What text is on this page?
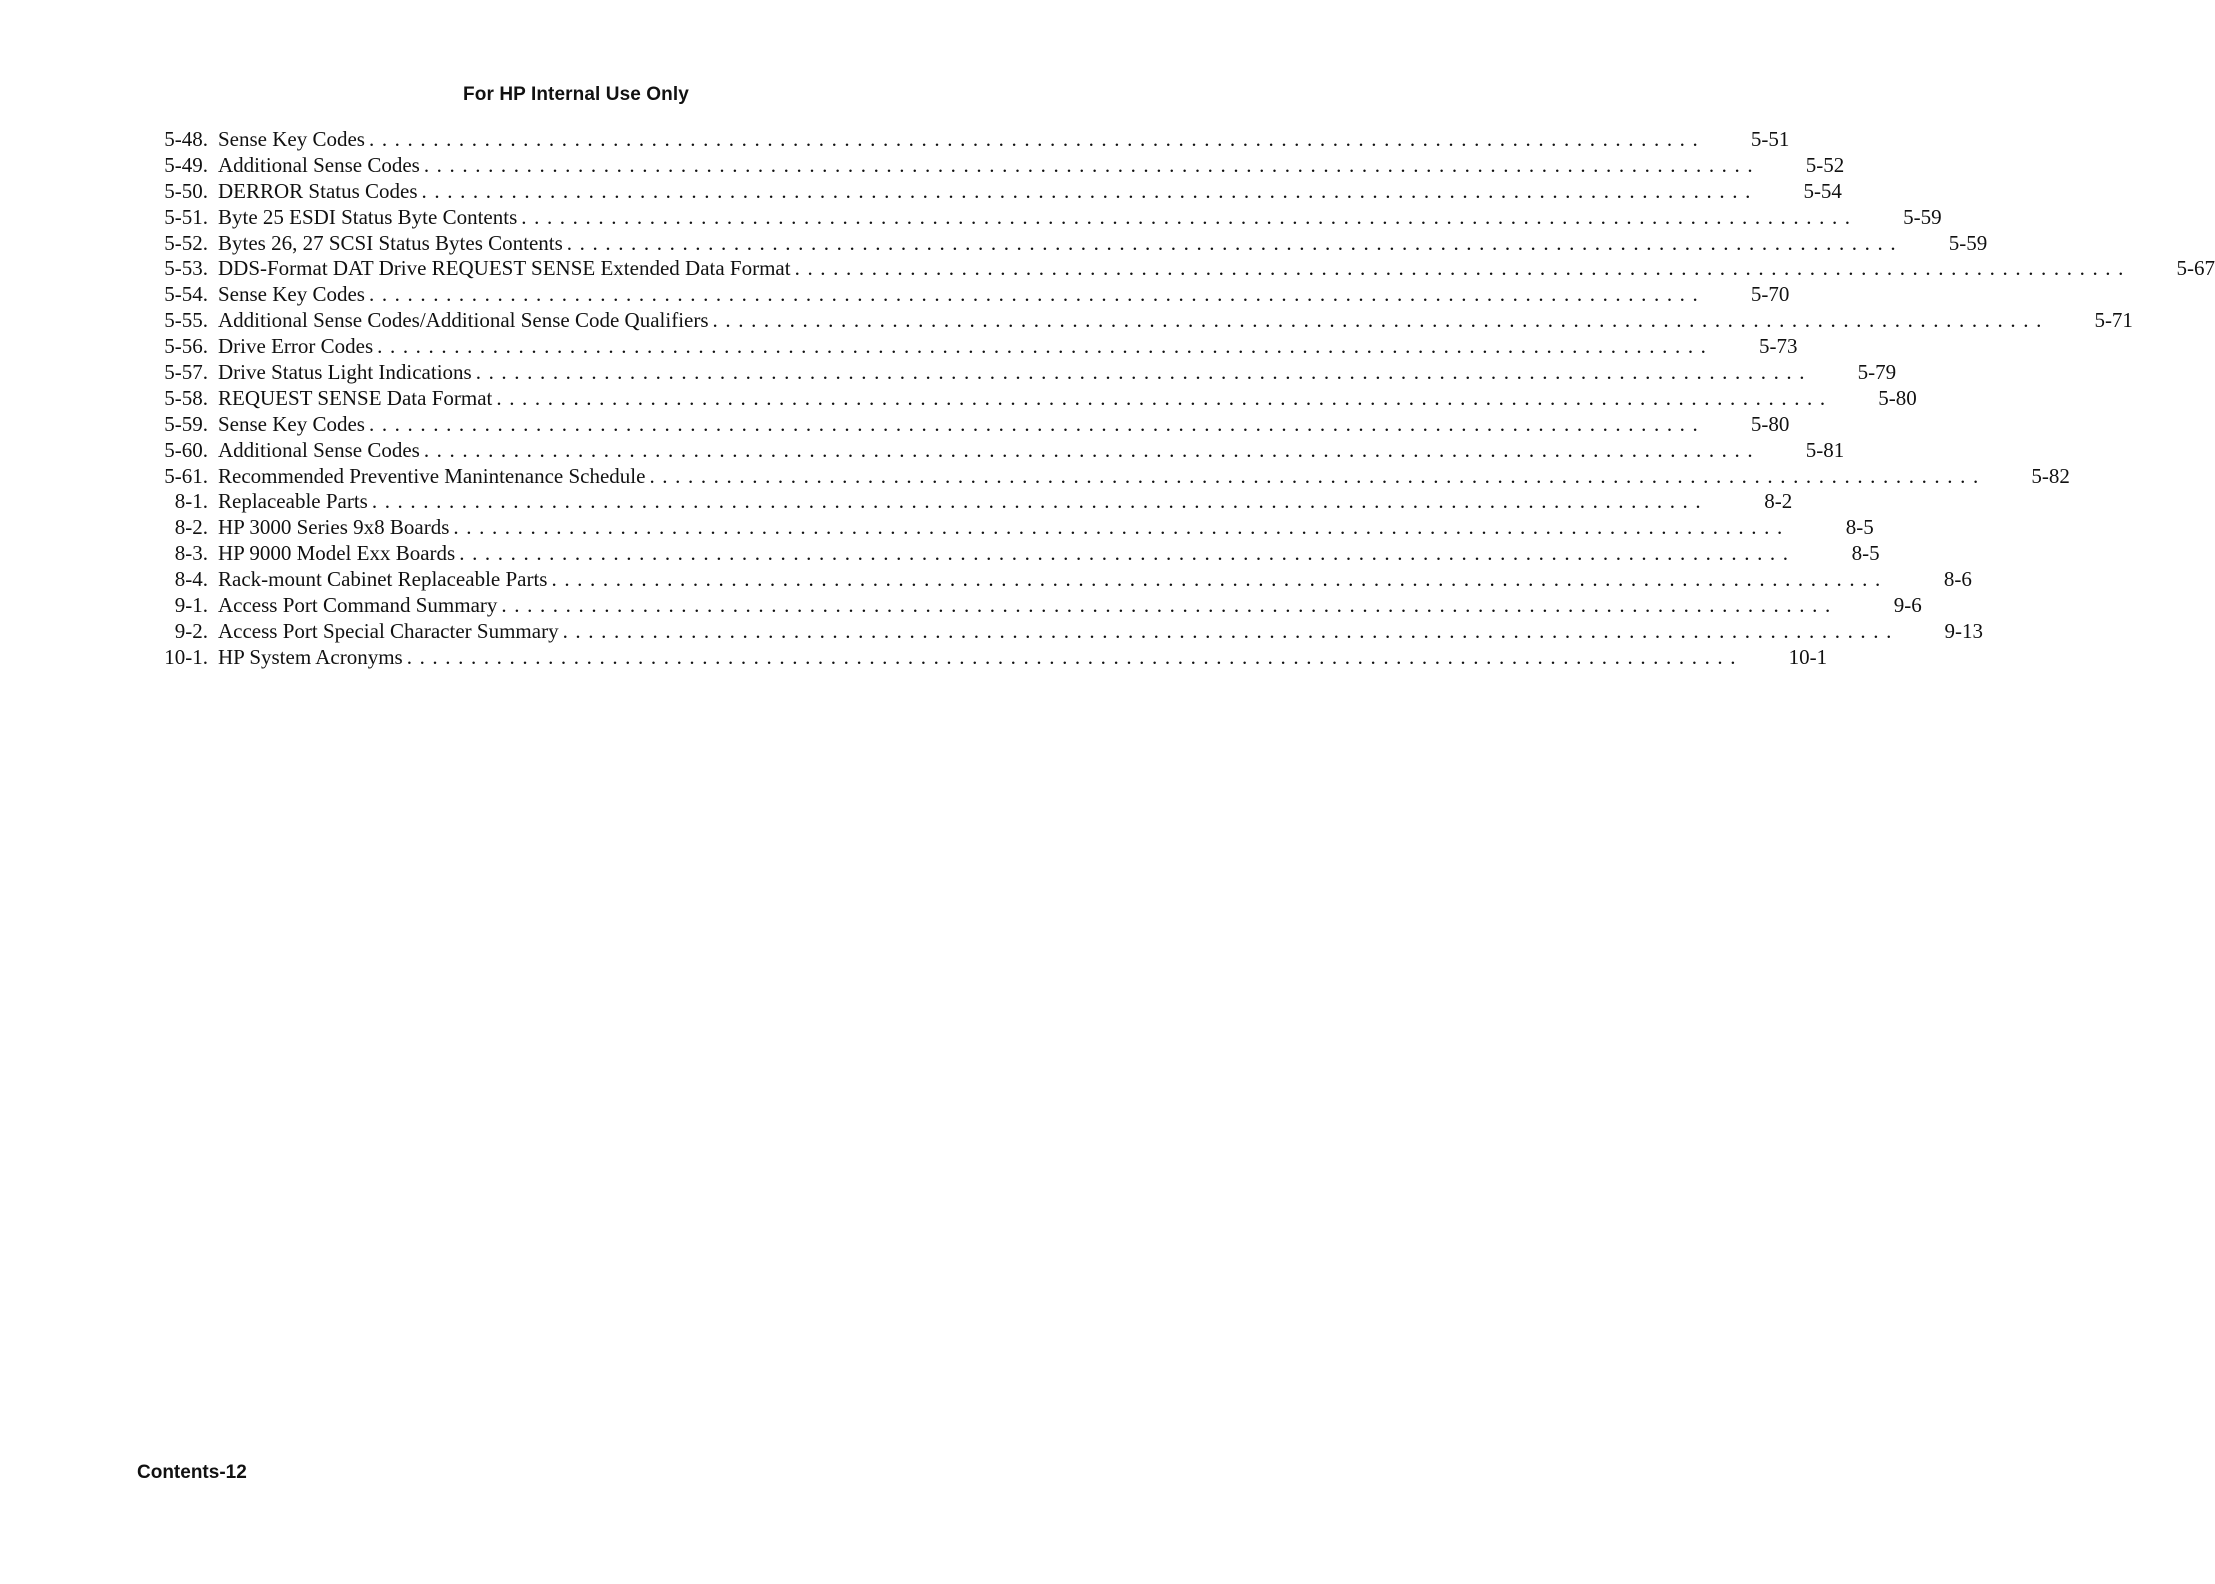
For HP Internal Use Only
5-48. Sense Key Codes ........................................................................................................	5-51
5-49. Additional Sense Codes ........................................................................................................	5-52
5-50. DERROR Status Codes ........................................................................................................	5-54
5-51. Byte 25 ESDI Status Byte Contents ........................................................................................................	5-59
5-52. Bytes 26, 27 SCSI Status Bytes Contents ........................................................................................................	5-59
5-53. DDS-Format DAT Drive REQUEST SENSE Extended Data Format ........................................................................................................	5-67
5-54. Sense Key Codes ........................................................................................................	5-70
5-55. Additional Sense Codes/Additional Sense Code Qualifiers ........................................................................................................	5-71
5-56. Drive Error Codes ........................................................................................................	5-73
5-57. Drive Status Light Indications ........................................................................................................	5-79
5-58. REQUEST SENSE Data Format ........................................................................................................	5-80
5-59. Sense Key Codes ........................................................................................................	5-80
5-60. Additional Sense Codes ........................................................................................................	5-81
5-61. Recommended Preventive Manintenance Schedule ........................................................................................................	5-82
8-1. Replaceable Parts ........................................................................................................	8-2
8-2. HP 3000 Series 9x8 Boards ........................................................................................................	8-5
8-3. HP 9000 Model Exx Boards ........................................................................................................	8-5
8-4. Rack-mount Cabinet Replaceable Parts ........................................................................................................	8-6
9-1. Access Port Command Summary ........................................................................................................	9-6
9-2. Access Port Special Character Summary ........................................................................................................	9-13
10-1. HP System Acronyms ........................................................................................................	10-1
Contents-12
